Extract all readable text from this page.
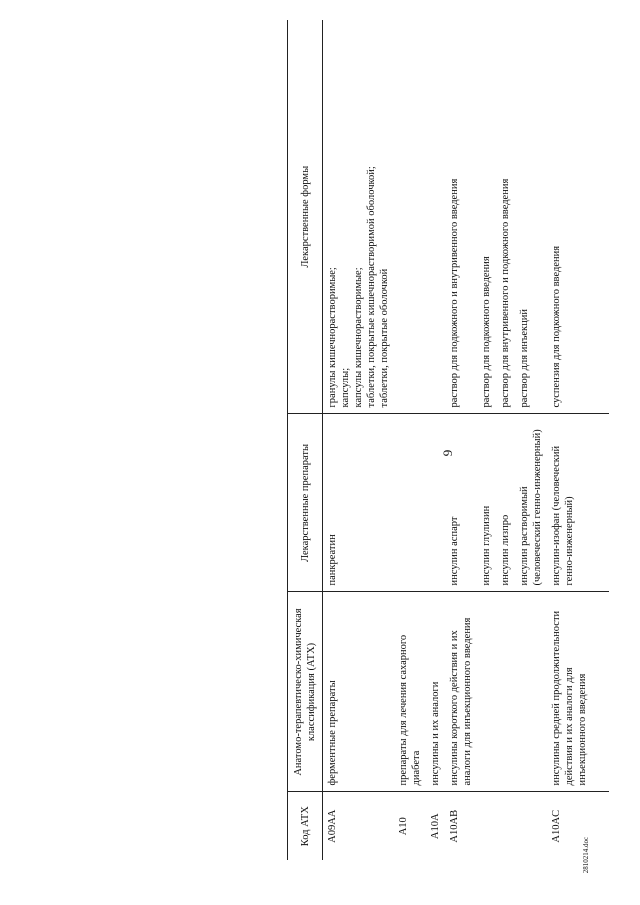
9
Код АТХ	Анатомо-терапевтическо-химическая классификация (АТХ)	Лекарственные препараты	Лекарственные формы
A09AA	ферментные препараты	панкреатин	гранулы кишечнорастворимые; капсулы; капсулы кишечнорастворимые; таблетки, покрытые кишечнорастворимой оболочкой; таблетки, покрытые оболочкой

A10	препараты для лечения сахарного диабета		
A10A	инсулины и их аналоги		
A10AB	инсулины короткого действия и их аналоги для инъекционного введения	инсулин аспарт	раствор для подкожного и внутривенного введения

		инсулин глулизин	раствор для подкожного введения

		инсулин лизпро	раствор для внутривенного и подкожного введения

		инсулин растворимый (человеческий генно-инженерный)	раствор для инъекций

A10AC	инсулины средней продолжительности действия и их аналоги для инъекционного введения	инсулин-изофан (человеческий генно-инженерный)	суспензия для подкожного введения
2810214.doc
